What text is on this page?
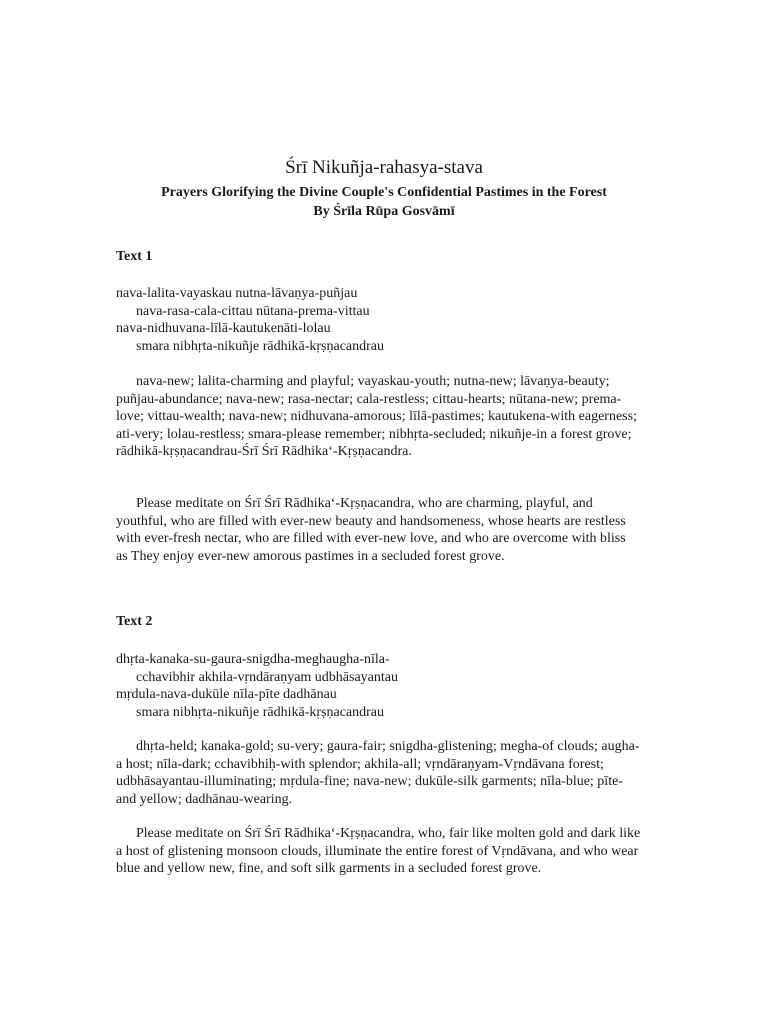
Śrī Nikuñja-rahasya-stava

Prayers Glorifying the Divine Couple's Confidential Pastimes in the Forest

By Śrīla Rūpa Gosvāmī

Text 1

nava-lalita-vayaskau nutna-lāvaṇya-puñjau
nava-rasa-cala-cittau nūtana-prema-vittau
nava-nidhuvana-līlā-kautukenāti-lolau
smara nibhṛta-nikuñje rādhikā-kṛṣṇacandrau

nava-new; lalita-charming and playful; vayaskau-youth; nutna-new; lāvaṇya-beauty; puñjau-abundance; nava-new; rasa-nectar; cala-restless; cittau-hearts; nūtana-new; prema-love; vittau-wealth; nava-new; nidhuvana-amorous; līlā-pastimes; kautukena-with eagerness; ati-very; lolau-restless; smara-please remember; nibhṛta-secluded; nikuñje-in a forest grove; rādhikā-kṛṣṇacandrau-Śrī Śrī Rādhika‘-Kṛṣṇacandra.

Please meditate on Śrī Śrī Rādhika‘-Kṛṣṇacandra, who are charming, playful, and youthful, who are filled with ever-new beauty and handsomeness, whose hearts are restless with ever-fresh nectar, who are filled with ever-new love, and who are overcome with bliss as They enjoy ever-new amorous pastimes in a secluded forest grove.

Text 2

dhṛta-kanaka-su-gaura-snigdha-meghaugha-nīla-
cchavibhir akhila-vṛndāraṇyam udbhāsayantau
mṛdula-nava-dukūle nīla-pīte dadhānau
smara nibhṛta-nikuñje rādhikā-kṛṣṇacandrau

dhṛta-held; kanaka-gold; su-very; gaura-fair; snigdha-glistening; megha-of clouds; augha-a host; nīla-dark; cchavibhiḥ-with splendor; akhila-all; vṛndāraṇyam-Vṛndāvana forest; udbhāsayantau-illuminating; mṛdula-fine; nava-new; dukūle-silk garments; nīla-blue; pīte-and yellow; dadhānau-wearing.

Please meditate on Śrī Śrī Rādhika‘-Kṛṣṇacandra, who, fair like molten gold and dark like a host of glistening monsoon clouds, illuminate the entire forest of Vṛndāvana, and who wear blue and yellow new, fine, and soft silk garments in a secluded forest grove.
